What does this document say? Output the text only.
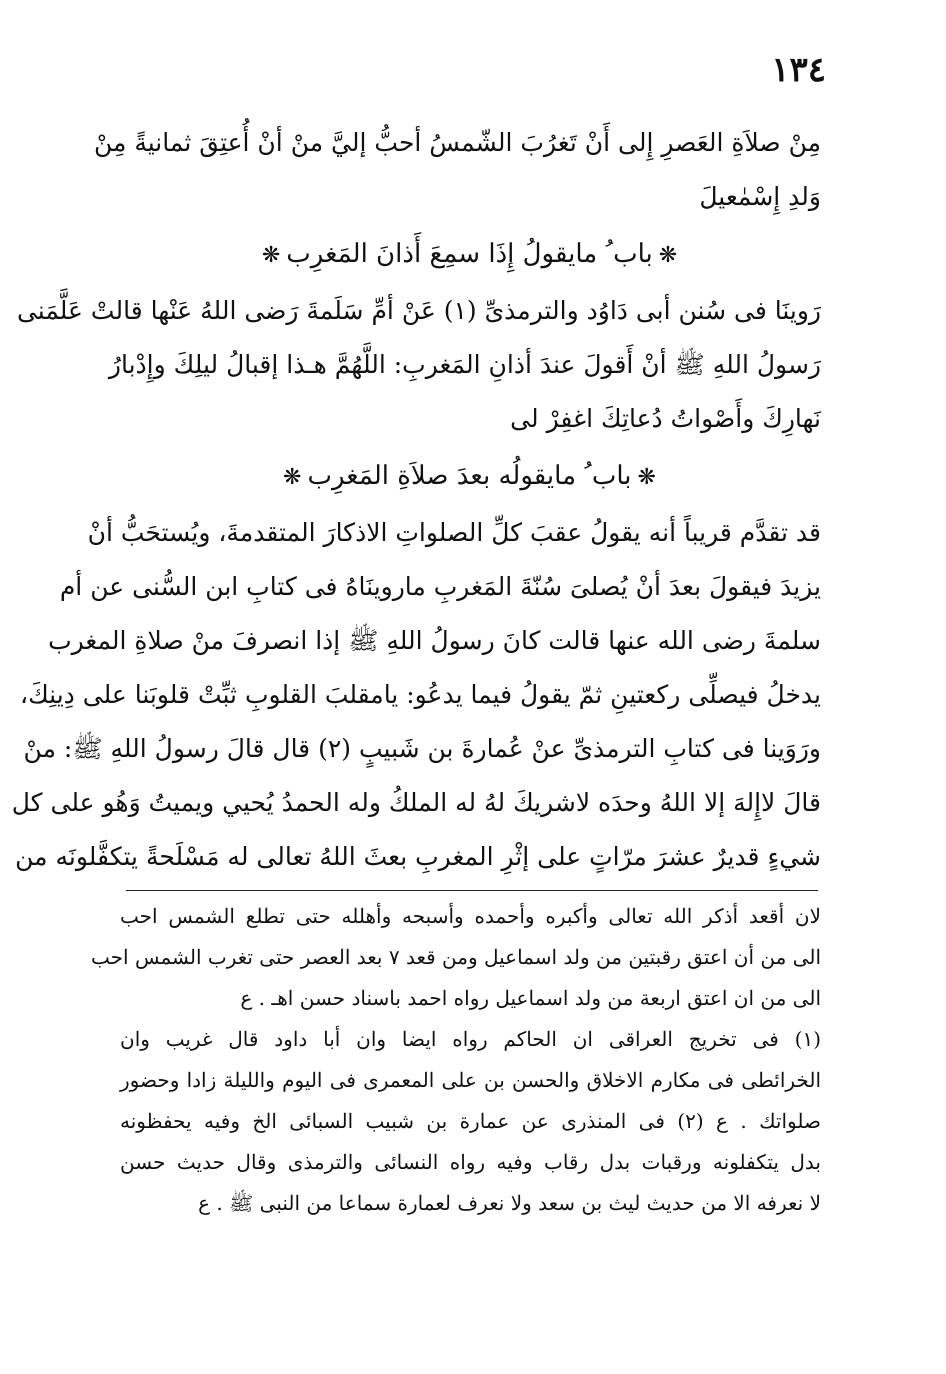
١٣٤
مِنْ صلاَةِ العَصرِ إِلى أَنْ تَغرُبَ الشّمسُ أحبُّ إليَّ منْ أنْ أُعتِقَ ثمانيةً مِنْ
وَلدِ إِسْمٰعيلَ
❋باب ُ مايقولُ إِذَا سمِعَ أَذانَ المَغرِب❋
رَوينَا فى سُنن أبى دَاوُد والترمذىِّ (١) عَنْ أمِّ سَلَمةَ رَضى اللهُ عَنْها قالتْ عَلَّمَنى
رَسولُ اللهِ ﷺ أنْ أَقولَ عندَ أذانِ المَغربِ: اللَّهُمَّ هـذا إقبالُ ليلِكَ وإِدْبارُ
نَهارِكَ وأَصْواتُ دُعاتِكَ اغفِرْ لى
❋باب ُ مايقولُه بعدَ صلاَةِ المَغرِب❋
قد تقدَّم قريباً أنه يقولُ عقبَ كلِّ الصلواتِ الاذكارَ المتقدمةَ، ويُستحَبُّ أنْ
يزيدَ فيقولَ بعدَ أنْ يُصلىَ سُنّةَ المَغربِ ماروينَاهُ فى كتابِ ابن السُّنى عن أم
سلمةَ رضى الله عنها قالت كانَ رسولُ اللهِ ﷺ إذا انصرفَ منْ صلاةِ المغرب
يدخلُ فيصلِّى ركعتينِ ثمّ يقولُ فيما يدعُو: يامقلبَ القلوبِ ثبِّتْ قلوبَنا على دِينِكَ،
ورَوَينا فى كتابِ الترمذىِّ عنْ عُمارةَ بن شَبيبٍ (٢) قال قالَ رسولُ اللهِ ﷺ: منْ
قالَ لاإِلهَ إلا اللهُ وحدَه لاشريكَ لهُ له الملكُ وله الحمدُ يُحيي ويميتُ وَهُو على كل
شيءٍ قديرٌ عشرَ مرّاتٍ على إثْرِ المغربِ بعثَ اللهُ تعالى له مَسْلَحةً يتكفَّلونَه من
لان أقعد أذكر الله تعالى وأكبره وأحمده وأسبحه وأهلله حتى تطلع الشمس احب
الى من أن اعتق رقبتين من ولد اسماعيل ومن قعد ٧ بعد العصر حتى تغرب الشمس احب
الى من ان اعتق اربعة من ولد اسماعيل رواه احمد باسناد حسن اهـ . ع
(١) فى تخريج العراقى ان الحاكم رواه ايضا وان أبا داود قال غريب وان
الخرائطى فى مكارم الاخلاق والحسن بن على المعمرى فى اليوم والليلة زادا وحضور
صلواتك . ع (٢) فى المنذرى عن عمارة بن شبيب السبائى الخ وفيه يحفظونه
بدل يتكفلونه ورقبات بدل رقاب وفيه رواه النسائى والترمذى وقال حديث حسن
لا نعرفه الا من حديث ليث بن سعد ولا نعرف لعمارة سماعا من النبى ﷺ . ع
